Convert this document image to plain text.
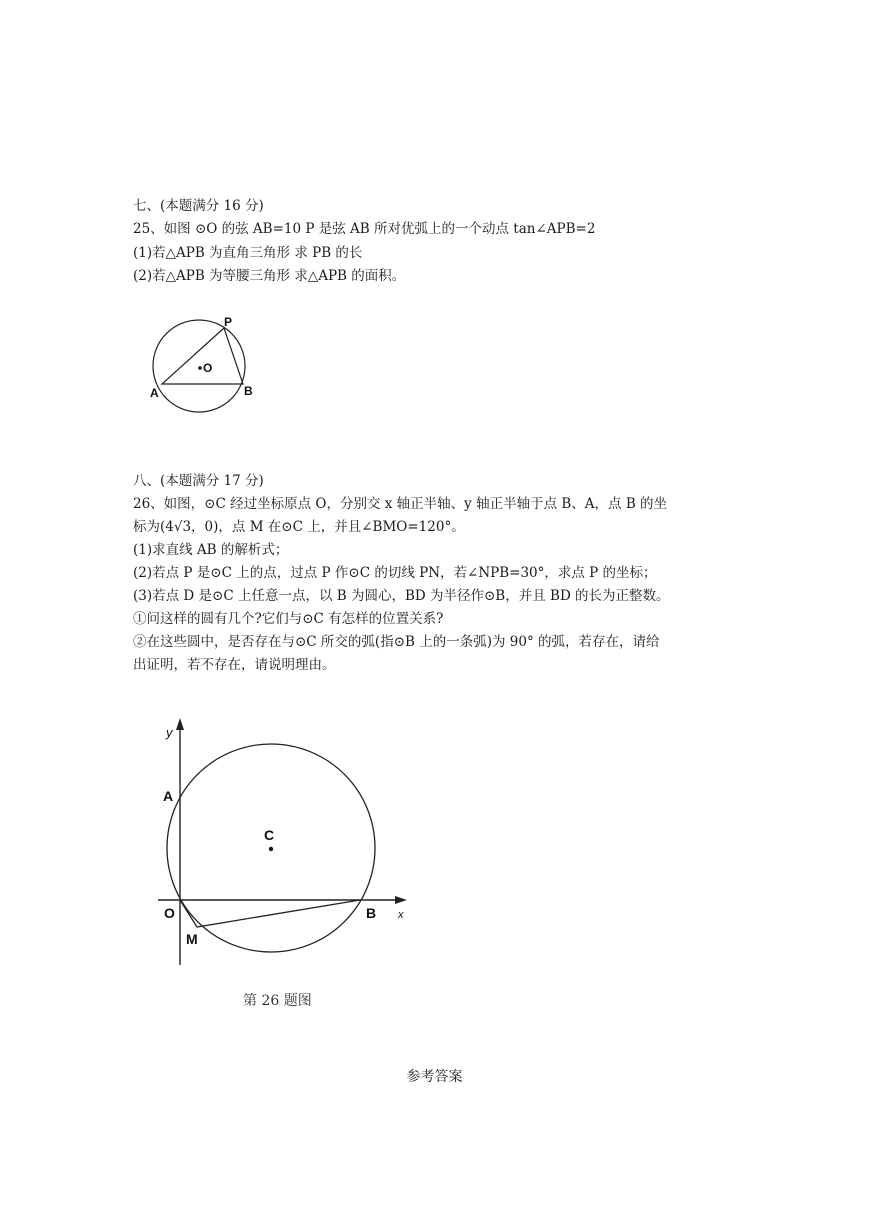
七、(本题满分 16 分)
25、如图 ⊙O 的弦 AB=10 P 是弦 AB 所对优弧上的一个动点 tan∠APB=2
(1)若△APB 为直角三角形 求 PB 的长
(2)若△APB 为等腰三角形 求△APB 的面积。
P
O
A	B
八、(本题满分 17 分)
26、如图，⊙C 经过坐标原点 O，分别交 x 轴正半轴、y 轴正半轴于点 B、A，点 B 的坐
标为(4√3，0)，点 M 在⊙C 上，并且∠BMO=120°。
(1)求直线 AB 的解析式；
(2)若点 P 是⊙C 上的点，过点 P 作⊙C 的切线 PN，若∠NPB=30°，求点 P 的坐标；
(3)若点 D 是⊙C 上任意一点，以 B 为圆心，BD 为半径作⊙B，并且 BD 的长为正整数。
①问这样的圆有几个?它们与⊙C 有怎样的位置关系?
②在这些圆中，是否存在与⊙C 所交的弧(指⊙B 上的一条弧)为 90° 的弧，若存在，请给
出证明，若不存在，请说明理由。
y
x
A
C
O	B
M
第 26 题图
参考答案
